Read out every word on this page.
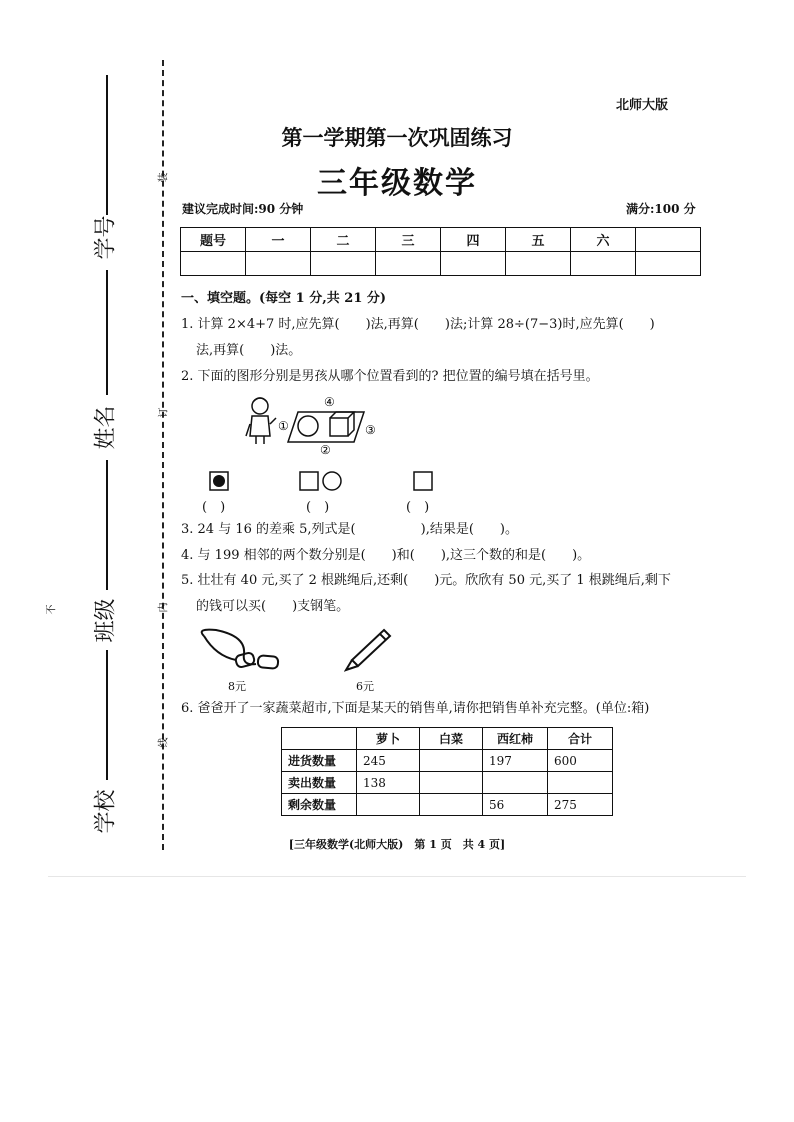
学号
姓名
班级
学校
装
订
线
内
不
北师大版
第一学期第一次巩固练习
三年级数学
建议完成时间:90 分钟	满分:100 分
题号	一	二	三	四	五	六	

一、填空题。(每空 1 分,共 21 分)
1. 计算 2×4+7 时,应先算(　　)法,再算(　　)法;计算 28÷(7−3)时,应先算(　　)
法,再算(　　)法。
2. 下面的图形分别是男孩从哪个位置看到的? 把位置的编号填在括号里。
①
②
③
④
(　)	(　)	(　)
3. 24 与 16 的差乘 5,列式是(　　　　　),结果是(　　)。
4. 与 199 相邻的两个数分别是(　　)和(　　),这三个数的和是(　　)。
5. 壮壮有 40 元,买了 2 根跳绳后,还剩(　　)元。欣欣有 50 元,买了 1 根跳绳后,剩下
的钱可以买(　　)支钢笔。
8元	6元
6. 爸爸开了一家蔬菜超市,下面是某天的销售单,请你把销售单补充完整。(单位:箱)
	萝卜	白菜	西红柿	合计
进货数量	245		197	600
卖出数量	138			
剩余数量			56	275
[三年级数学(北师大版)　第 1 页　共 4 页]
